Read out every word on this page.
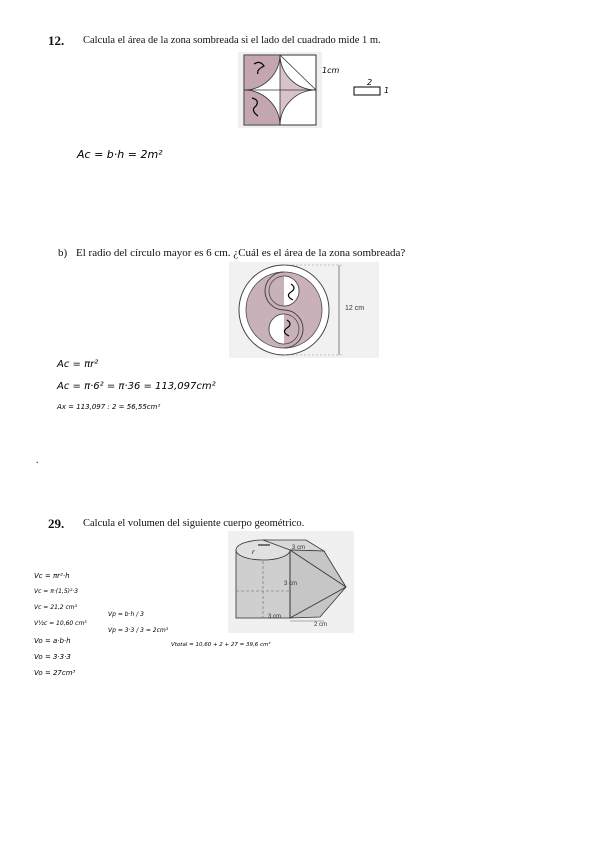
12. Calcula el área de la zona sombreada si el lado del cuadrado mide 1 m.
1cm
2
1
Ac = b·h = 2m²
b) El radio del círculo mayor es 6 cm. ¿Cuál es el área de la zona sombreada?
12 cm
Ac = πr²
Ac = π·6² = π·36 = 113,097cm²
Ax = 113,097 : 2 = 56,55cm²
.
29. Calcula el volumen del siguiente cuerpo geométrico.
3 cm
3 cm
3 cm
2 cm
r
Vc = πr²·h
Vc = π·(1,5)²·3
Vc = 21,2 cm³
V½c = 10,60 cm³
Vo = a·b·h
Vo = 3·3·3
Vo = 27cm³
Vp = b·h / 3
Vp = 3·3 / 3 = 2cm³
Vtotal = 10,60 + 2 + 27 = 39,6 cm³
